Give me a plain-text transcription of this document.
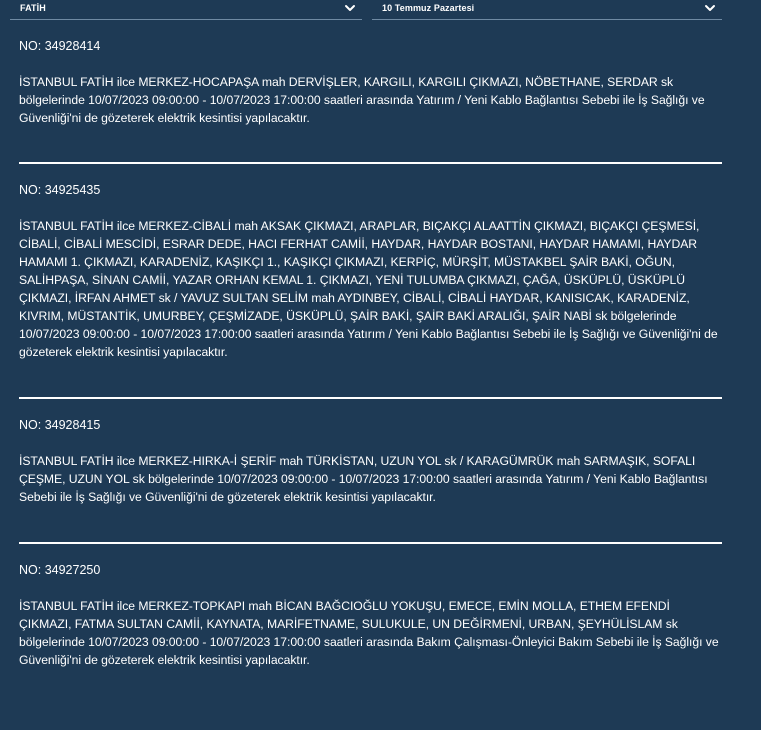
FATİH	10 Temmuz Pazartesi

NO: 34928414

İSTANBUL FATİH ilce MERKEZ-HOCAPAŞA mah DERVİŞLER, KARGILI, KARGILI ÇIKMAZI, NÖBETHANE, SERDAR sk bölgelerinde 10/07/2023 09:00:00 - 10/07/2023 17:00:00 saatleri arasında Yatırım / Yeni Kablo Bağlantısı Sebebi ile İş Sağlığı ve Güvenliği'ni de gözeterek elektrik kesintisi yapılacaktır.

NO: 34925435

İSTANBUL FATİH ilce MERKEZ-CİBALİ mah AKSAK ÇIKMAZI, ARAPLAR, BIÇAKÇI ALAATTİN ÇIKMAZI, BIÇAKÇI ÇEŞMESİ, CİBALİ, CİBALİ MESCİDİ, ESRAR DEDE, HACI FERHAT CAMİİ, HAYDAR, HAYDAR BOSTANI, HAYDAR HAMAMI, HAYDAR HAMAMI 1. ÇIKMAZI, KARADENİZ, KAŞIKÇI 1., KAŞIKÇI ÇIKMAZI, KERPİÇ, MÜRŞİT, MÜSTAKBEL ŞAİR BAKİ, OĞUN, SALİHPAŞA, SİNAN CAMİİ, YAZAR ORHAN KEMAL 1. ÇIKMAZI, YENİ TULUMBA ÇIKMAZI, ÇAĞA, ÜSKÜPLÜ, ÜSKÜPLÜ ÇIKMAZI, İRFAN AHMET sk / YAVUZ SULTAN SELİM mah AYDINBEY, CİBALİ, CİBALİ HAYDAR, KANISICAK, KARADENİZ, KIVRIM, MÜSTANTİK, UMURBEY, ÇEŞMİZADE, ÜSKÜPLÜ, ŞAİR BAKİ, ŞAİR BAKİ ARALIĞI, ŞAİR NABİ sk bölgelerinde 10/07/2023 09:00:00 - 10/07/2023 17:00:00 saatleri arasında Yatırım / Yeni Kablo Bağlantısı Sebebi ile İş Sağlığı ve Güvenliği'ni de gözeterek elektrik kesintisi yapılacaktır.

NO: 34928415

İSTANBUL FATİH ilce MERKEZ-HIRKA-İ ŞERİF mah TÜRKİSTAN, UZUN YOL sk / KARAGÜMRÜK mah SARMAŞIK, SOFALI ÇEŞME, UZUN YOL sk bölgelerinde 10/07/2023 09:00:00 - 10/07/2023 17:00:00 saatleri arasında Yatırım / Yeni Kablo Bağlantısı Sebebi ile İş Sağlığı ve Güvenliği'ni de gözeterek elektrik kesintisi yapılacaktır.

NO: 34927250

İSTANBUL FATİH ilce MERKEZ-TOPKAPI mah BİCAN BAĞCIOĞLU YOKUŞU, EMECE, EMİN MOLLA, ETHEM EFENDİ ÇIKMAZI, FATMA SULTAN CAMİİ, KAYNATA, MARİFETNAME, SULUKULE, UN DEĞİRMENİ, URBAN, ŞEYHÜLİSLAM sk bölgelerinde 10/07/2023 09:00:00 - 10/07/2023 17:00:00 saatleri arasında Bakım Çalışması-Önleyici Bakım Sebebi ile İş Sağlığı ve Güvenliği'ni de gözeterek elektrik kesintisi yapılacaktır.
